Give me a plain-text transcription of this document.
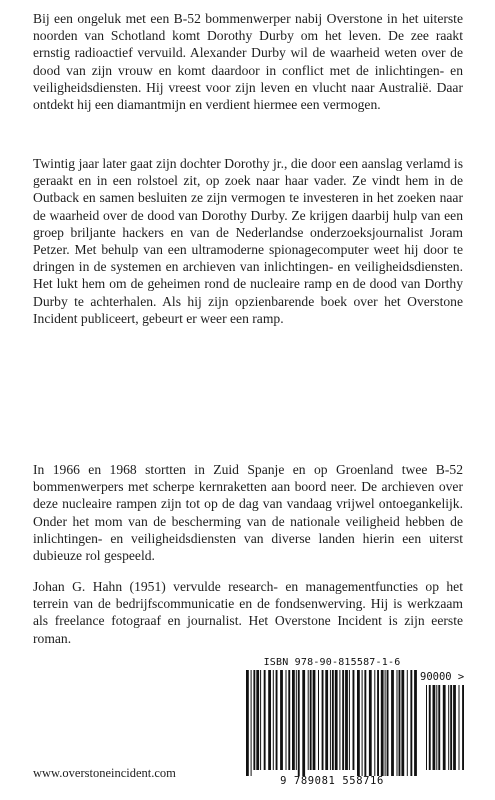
Bij een ongeluk met een B-52 bommenwerper nabij Overstone in het uiterste noorden van Schotland komt Dorothy Durby om het leven. De zee raakt ernstig radioactief vervuild. Alexander Durby wil de waarheid weten over de dood van zijn vrouw en komt daardoor in conflict met de inlichtingen- en veiligheidsdiensten. Hij vreest voor zijn leven en vlucht naar Australië. Daar ontdekt hij een diamantmijn en verdient hiermee een vermogen.

Twintig jaar later gaat zijn dochter Dorothy jr., die door een aanslag verlamd is geraakt en in een rolstoel zit, op zoek naar haar vader. Ze vindt hem in de Outback en samen besluiten ze zijn vermogen te investeren in het zoeken naar de waarheid over de dood van Dorothy Durby. Ze krijgen daarbij hulp van een groep briljante hackers en van de Nederlandse onderzoeksjournalist Joram Petzer. Met behulp van een ultramoderne spionagecomputer weet hij door te dringen in de systemen en archieven van inlichtingen- en veiligheidsdiensten. Het lukt hem om de geheimen rond de nucleaire ramp en de dood van Dorthy Durby te achterhalen. Als hij zijn opzienbarende boek over het Overstone Incident publiceert, gebeurt er weer een ramp.

In 1966 en 1968 stortten in Zuid Spanje en op Groenland twee B-52 bommenwerpers met scherpe kernraketten aan boord neer. De archieven over deze nucleaire rampen zijn tot op de dag van vandaag vrijwel ontoegankelijk. Onder het mom van de bescherming van de nationale veiligheid hebben de inlichtingen- en veiligheidsdiensten van diverse landen hierin een uiterst dubieuze rol gespeeld.

Johan G. Hahn (1951) vervulde research- en managementfuncties op het terrein van de bedrijfscommunicatie en de fondsenwerving. Hij is werkzaam als freelance fotograaf en journalist. Het Overstone Incident is zijn eerste roman.

ISBN 978-90-815587-1-6
90000 >
9 789081 558716
www.overstoneincident.com
